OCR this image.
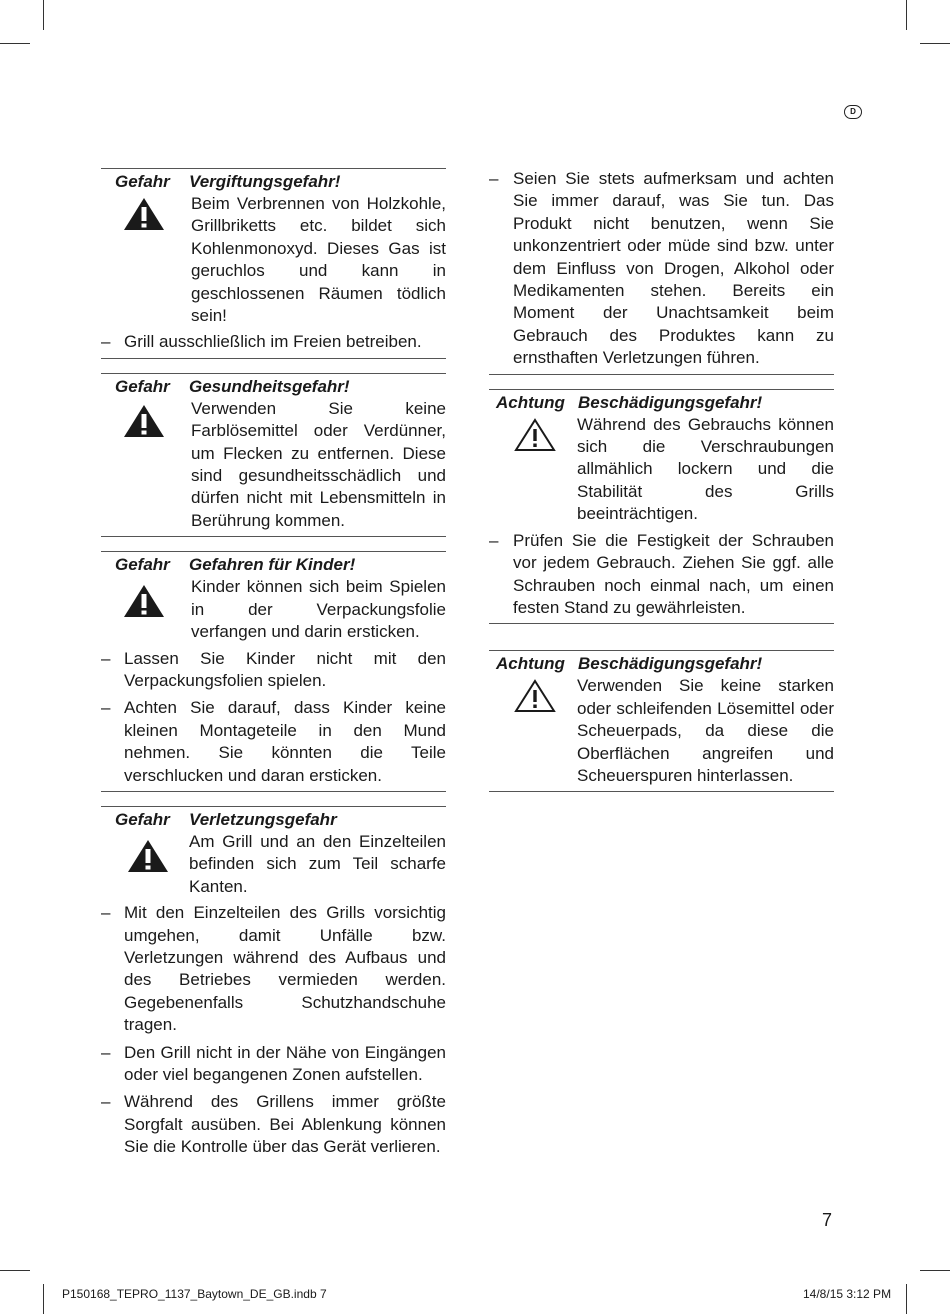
D
Gefahr Vergiftungsgefahr!
Beim Verbrennen von Holzkohle, Grillbriketts etc. bildet sich Kohlenmonoxyd. Dieses Gas ist geruchlos und kann in geschlossenen Räumen tödlich sein!
– Grill ausschließlich im Freien betreiben.
Gefahr Gesundheitsgefahr!
Verwenden Sie keine Farblösemittel oder Verdünner, um Flecken zu entfernen. Diese sind gesundheitsschädlich und dürfen nicht mit Lebensmitteln in Berührung kommen.
Gefahr Gefahren für Kinder!
Kinder können sich beim Spielen in der Verpackungsfolie verfangen und darin ersticken.
– Lassen Sie Kinder nicht mit den Verpackungsfolien spielen.
– Achten Sie darauf, dass Kinder keine kleinen Montageteile in den Mund nehmen. Sie könnten die Teile verschlucken und daran ersticken.
Gefahr Verletzungsgefahr
Am Grill und an den Einzelteilen befinden sich zum Teil scharfe Kanten.
– Mit den Einzelteilen des Grills vorsichtig umgehen, damit Unfälle bzw. Verletzungen während des Aufbaus und des Betriebes vermieden werden. Gegebenenfalls Schutzhandschuhe tragen.
– Den Grill nicht in der Nähe von Eingängen oder viel begangenen Zonen aufstellen.
– Während des Grillens immer größte Sorgfalt ausüben. Bei Ablenkung können Sie die Kontrolle über das Gerät verlieren.
– Seien Sie stets aufmerksam und achten Sie immer darauf, was Sie tun. Das Produkt nicht benutzen, wenn Sie unkonzentriert oder müde sind bzw. unter dem Einfluss von Drogen, Alkohol oder Medikamenten stehen. Bereits ein Moment der Unachtsamkeit beim Gebrauch des Produktes kann zu ernsthaften Verletzungen führen.
Achtung Beschädigungsgefahr!
Während des Gebrauchs können sich die Verschraubungen allmählich lockern und die Stabilität des Grills beeinträchtigen.
– Prüfen Sie die Festigkeit der Schrauben vor jedem Gebrauch. Ziehen Sie ggf. alle Schrauben noch einmal nach, um einen festen Stand zu gewährleisten.
Achtung Beschädigungsgefahr!
Verwenden Sie keine starken oder schleifenden Lösemittel oder Scheuerpads, da diese die Oberflächen angreifen und Scheuerspuren hinterlassen.
7
P150168_TEPRO_1137_Baytown_DE_GB.indb 7	14/8/15 3:12 PM
